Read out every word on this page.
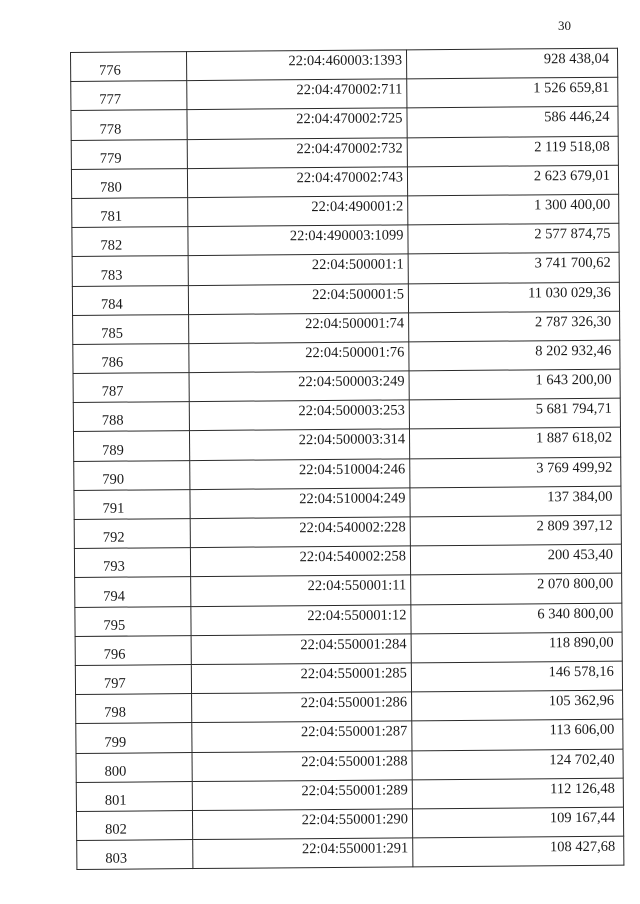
30
776	22:04:460003:1393	928 438,04
777	22:04:470002:711	1 526 659,81
778	22:04:470002:725	586 446,24
779	22:04:470002:732	2 119 518,08
780	22:04:470002:743	2 623 679,01
781	22:04:490001:2	1 300 400,00
782	22:04:490003:1099	2 577 874,75
783	22:04:500001:1	3 741 700,62
784	22:04:500001:5	11 030 029,36
785	22:04:500001:74	2 787 326,30
786	22:04:500001:76	8 202 932,46
787	22:04:500003:249	1 643 200,00
788	22:04:500003:253	5 681 794,71
789	22:04:500003:314	1 887 618,02
790	22:04:510004:246	3 769 499,92
791	22:04:510004:249	137 384,00
792	22:04:540002:228	2 809 397,12
793	22:04:540002:258	200 453,40
794	22:04:550001:11	2 070 800,00
795	22:04:550001:12	6 340 800,00
796	22:04:550001:284	118 890,00
797	22:04:550001:285	146 578,16
798	22:04:550001:286	105 362,96
799	22:04:550001:287	113 606,00
800	22:04:550001:288	124 702,40
801	22:04:550001:289	112 126,48
802	22:04:550001:290	109 167,44
803	22:04:550001:291	108 427,68
